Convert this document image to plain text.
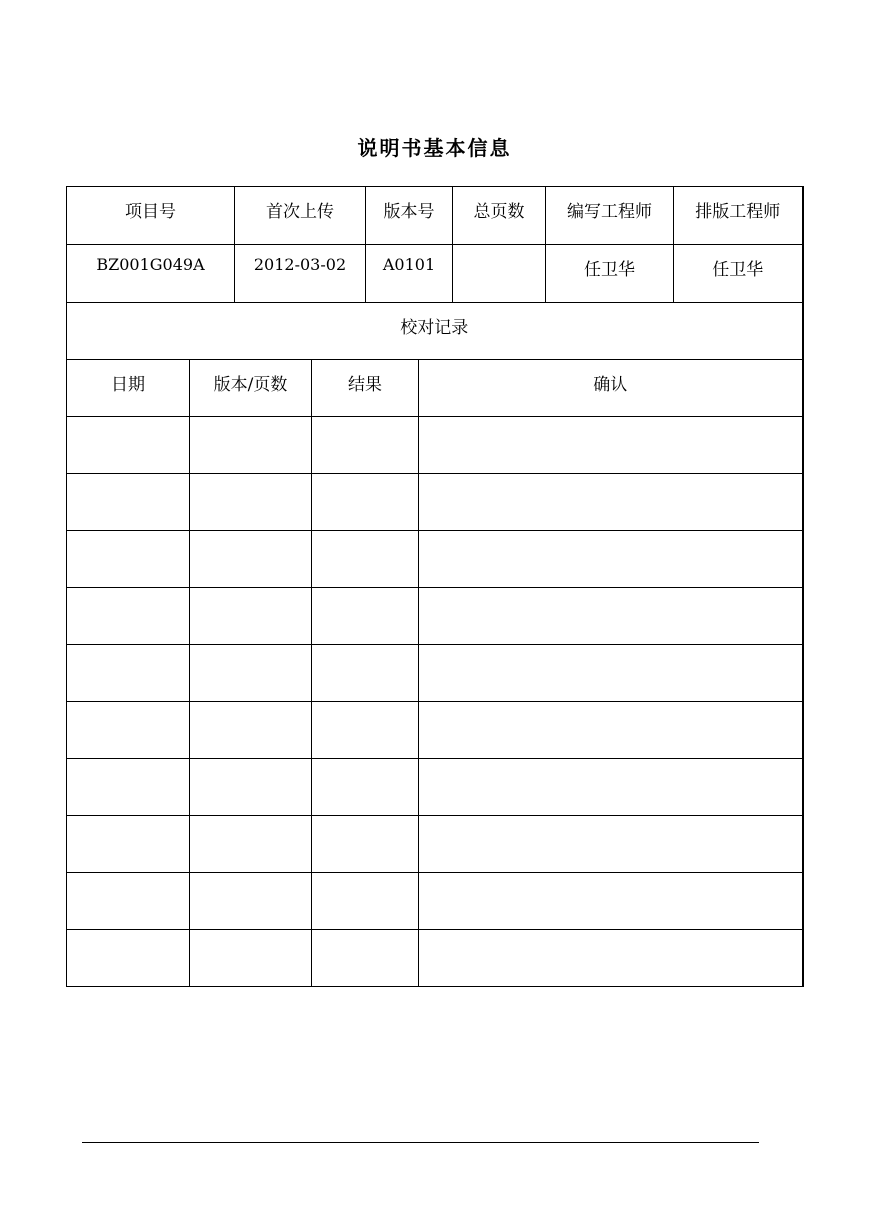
说明书基本信息
项目号	首次上传	版本号	总页数	编写工程师	排版工程师
BZ001G049A	2012-03-02	A0101		任卫华	任卫华
校对记录			
日期	版本/页数	结果	确认
